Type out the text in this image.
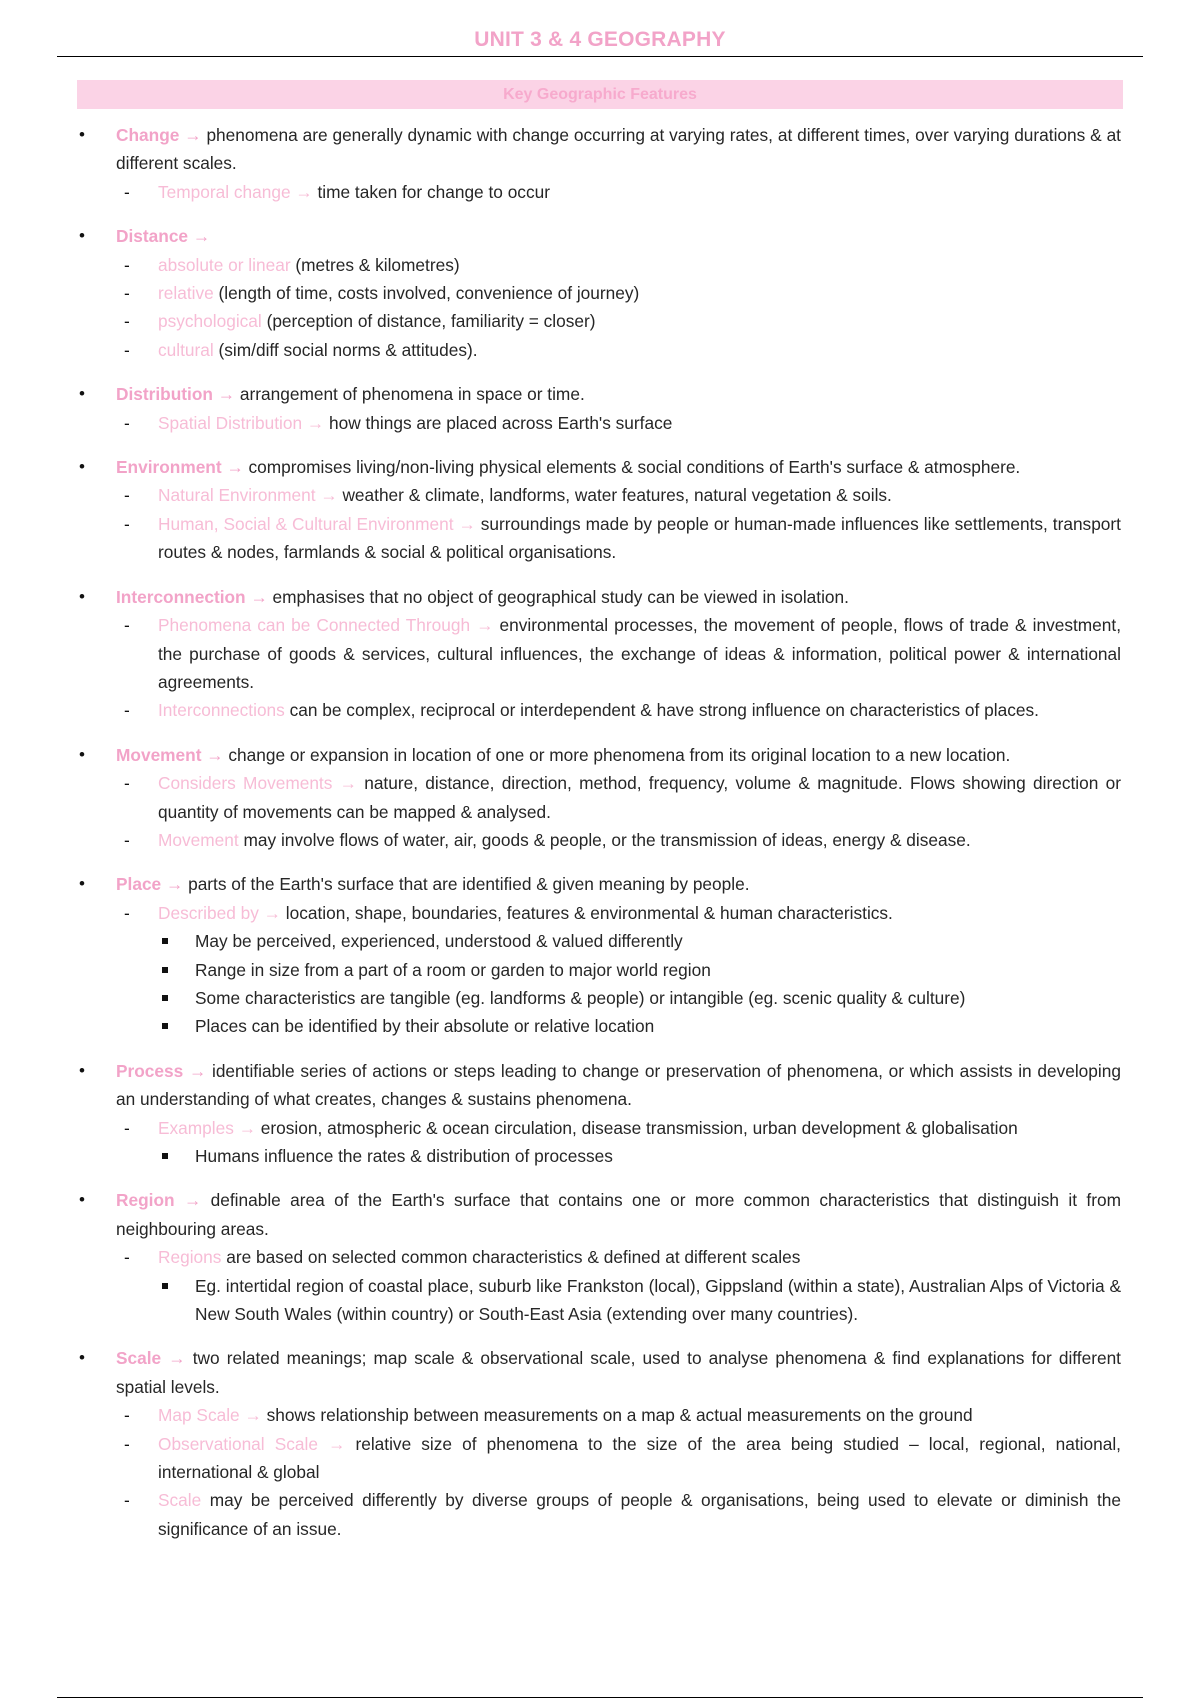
UNIT 3 & 4 GEOGRAPHY
Key Geographic Features
• Change → phenomena are generally dynamic with change occurring at varying rates, at different times, over varying durations & at different scales.
- Temporal change → time taken for change to occur
• Distance →
- absolute or linear (metres & kilometres)
- relative (length of time, costs involved, convenience of journey)
- psychological (perception of distance, familiarity = closer)
- cultural (sim/diff social norms & attitudes).
• Distribution → arrangement of phenomena in space or time.
- Spatial Distribution → how things are placed across Earth's surface
• Environment → compromises living/non-living physical elements & social conditions of Earth's surface & atmosphere.
- Natural Environment → weather & climate, landforms, water features, natural vegetation & soils.
- Human, Social & Cultural Environment → surroundings made by people or human-made influences like settlements, transport routes & nodes, farmlands & social & political organisations.
• Interconnection → emphasises that no object of geographical study can be viewed in isolation.
- Phenomena can be Connected Through → environmental processes, the movement of people, flows of trade & investment, the purchase of goods & services, cultural influences, the exchange of ideas & information, political power & international agreements.
- Interconnections can be complex, reciprocal or interdependent & have strong influence on characteristics of places.
• Movement → change or expansion in location of one or more phenomena from its original location to a new location.
- Considers Movements → nature, distance, direction, method, frequency, volume & magnitude. Flows showing direction or quantity of movements can be mapped & analysed.
- Movement may involve flows of water, air, goods & people, or the transmission of ideas, energy & disease.
• Place → parts of the Earth's surface that are identified & given meaning by people.
- Described by → location, shape, boundaries, features & environmental & human characteristics.
May be perceived, experienced, understood & valued differently
Range in size from a part of a room or garden to major world region
Some characteristics are tangible (eg. landforms & people) or intangible (eg. scenic quality & culture)
Places can be identified by their absolute or relative location
• Process → identifiable series of actions or steps leading to change or preservation of phenomena, or which assists in developing an understanding of what creates, changes & sustains phenomena.
- Examples → erosion, atmospheric & ocean circulation, disease transmission, urban development & globalisation
Humans influence the rates & distribution of processes
• Region → definable area of the Earth's surface that contains one or more common characteristics that distinguish it from neighbouring areas.
- Regions are based on selected common characteristics & defined at different scales
Eg. intertidal region of coastal place, suburb like Frankston (local), Gippsland (within a state), Australian Alps of Victoria & New South Wales (within country) or South-East Asia (extending over many countries).
• Scale → two related meanings; map scale & observational scale, used to analyse phenomena & find explanations for different spatial levels.
- Map Scale → shows relationship between measurements on a map & actual measurements on the ground
- Observational Scale → relative size of phenomena to the size of the area being studied – local, regional, national, international & global
- Scale may be perceived differently by diverse groups of people & organisations, being used to elevate or diminish the significance of an issue.
